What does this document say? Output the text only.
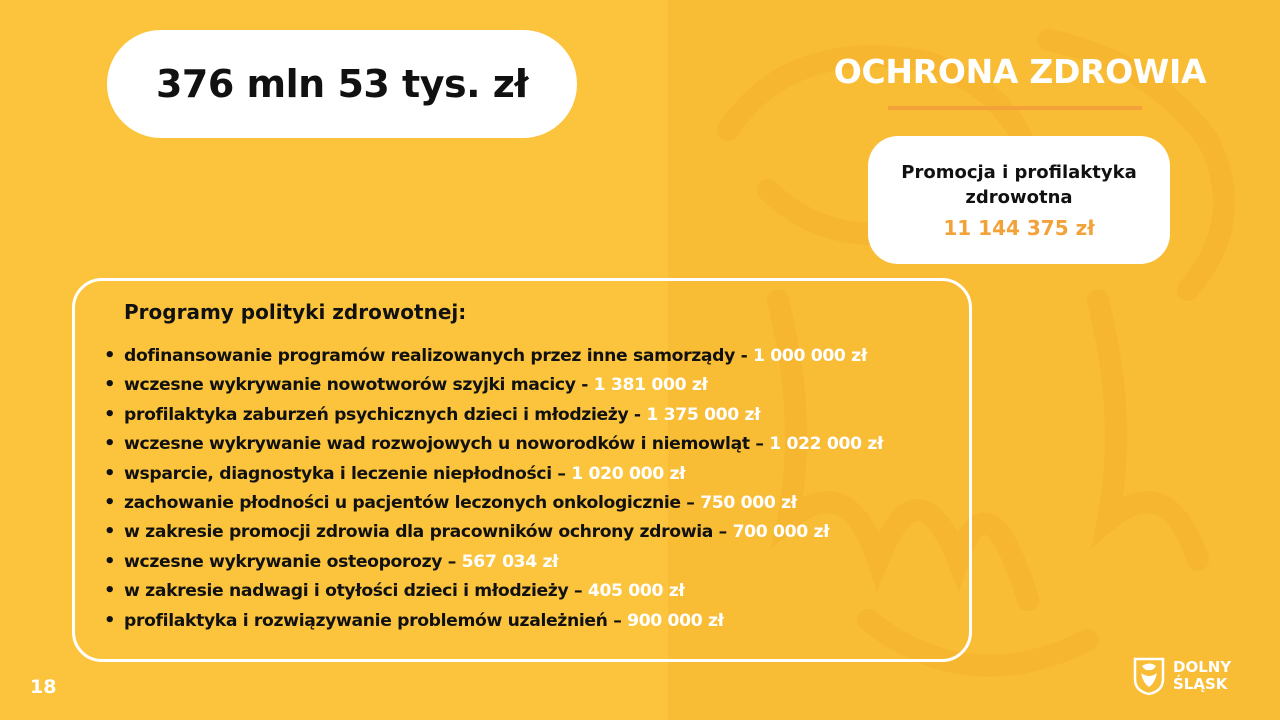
376 mln 53 tys. zł	OCHRONA ZDROWIA
Promocja i profilaktyka zdrowotna
11 144 375 zł
Programy polityki zdrowotnej:
• dofinansowanie programów realizowanych przez inne samorządy - 1 000 000 zł
• wczesne wykrywanie nowotworów szyjki macicy - 1 381 000 zł
• profilaktyka zaburzeń psychicznych dzieci i młodzieży - 1 375 000 zł
• wczesne wykrywanie wad rozwojowych u noworodków i niemowląt – 1 022 000 zł
• wsparcie, diagnostyka i leczenie niepłodności – 1 020 000 zł
• zachowanie płodności u pacjentów leczonych onkologicznie – 750 000 zł
• w zakresie promocji zdrowia dla pracowników ochrony zdrowia – 700 000 zł
• wczesne wykrywanie osteoporozy – 567 034 zł
• w zakresie nadwagi i otyłości dzieci i młodzieży – 405 000 zł
• profilaktyka i rozwiązywanie problemów uzależnień – 900 000 zł
18
DOLNY
ŚLĄSK
